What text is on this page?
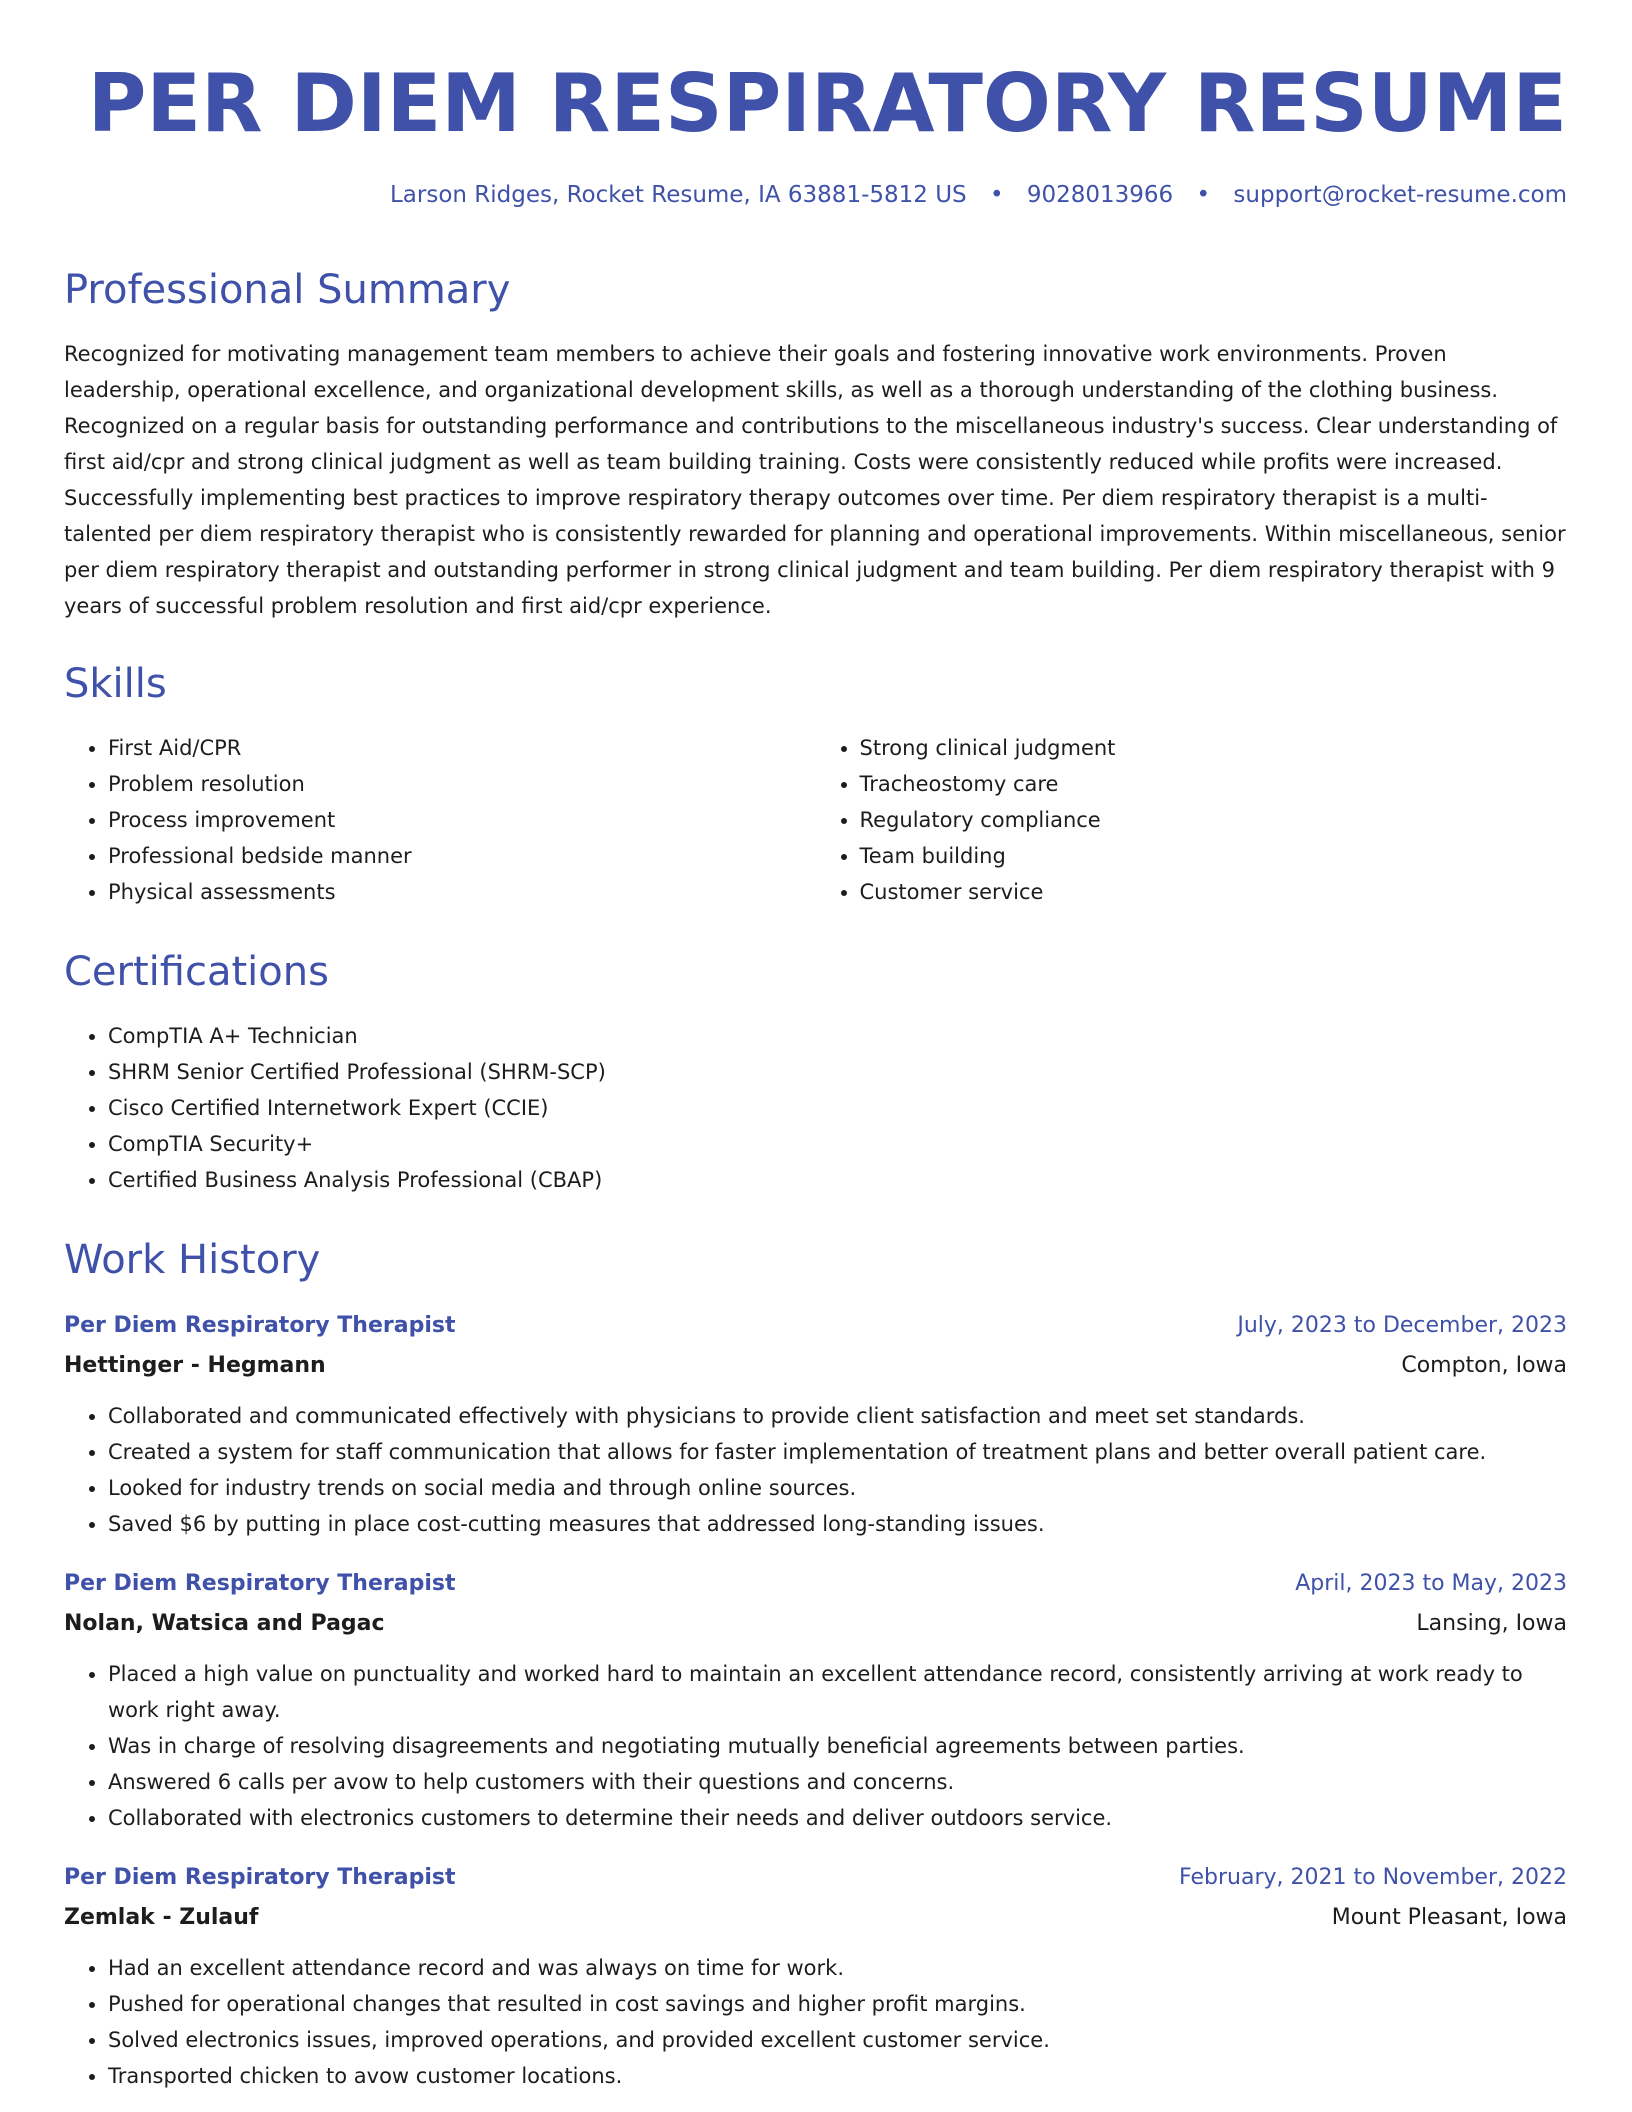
PER DIEM RESPIRATORY RESUME
Larson Ridges, Rocket Resume, IA 63881-5812 US • 9028013966 • support@rocket-resume.com
Professional Summary

Recognized for motivating management team members to achieve their goals and fostering innovative work environments. Proven leadership, operational excellence, and organizational development skills, as well as a thorough understanding of the clothing business. Recognized on a regular basis for outstanding performance and contributions to the miscellaneous industry's success. Clear understanding of first aid/cpr and strong clinical judgment as well as team building training. Costs were consistently reduced while profits were increased. Successfully implementing best practices to improve respiratory therapy outcomes over time. Per diem respiratory therapist is a multi-talented per diem respiratory therapist who is consistently rewarded for planning and operational improvements. Within miscellaneous, senior per diem respiratory therapist and outstanding performer in strong clinical judgment and team building. Per diem respiratory therapist with 9 years of successful problem resolution and first aid/cpr experience.

Skills
• First Aid/CPR
• Problem resolution
• Process improvement
• Professional bedside manner
• Physical assessments
• Strong clinical judgment
• Tracheostomy care
• Regulatory compliance
• Team building
• Customer service
Certifications
• CompTIA A+ Technician
• SHRM Senior Certified Professional (SHRM-SCP)
• Cisco Certified Internetwork Expert (CCIE)
• CompTIA Security+
• Certified Business Analysis Professional (CBAP)
Work History
Per Diem Respiratory Therapist	July, 2023 to December, 2023
Hettinger - Hegmann	Compton, Iowa
• Collaborated and communicated effectively with physicians to provide client satisfaction and meet set standards.
• Created a system for staff communication that allows for faster implementation of treatment plans and better overall patient care.
• Looked for industry trends on social media and through online sources.
• Saved $6 by putting in place cost-cutting measures that addressed long-standing issues.
Per Diem Respiratory Therapist	April, 2023 to May, 2023
Nolan, Watsica and Pagac	Lansing, Iowa
• Placed a high value on punctuality and worked hard to maintain an excellent attendance record, consistently arriving at work ready to work right away.
• Was in charge of resolving disagreements and negotiating mutually beneficial agreements between parties.
• Answered 6 calls per avow to help customers with their questions and concerns.
• Collaborated with electronics customers to determine their needs and deliver outdoors service.
Per Diem Respiratory Therapist	February, 2021 to November, 2022
Zemlak - Zulauf	Mount Pleasant, Iowa
• Had an excellent attendance record and was always on time for work.
• Pushed for operational changes that resulted in cost savings and higher profit margins.
• Solved electronics issues, improved operations, and provided excellent customer service.
• Transported chicken to avow customer locations.
